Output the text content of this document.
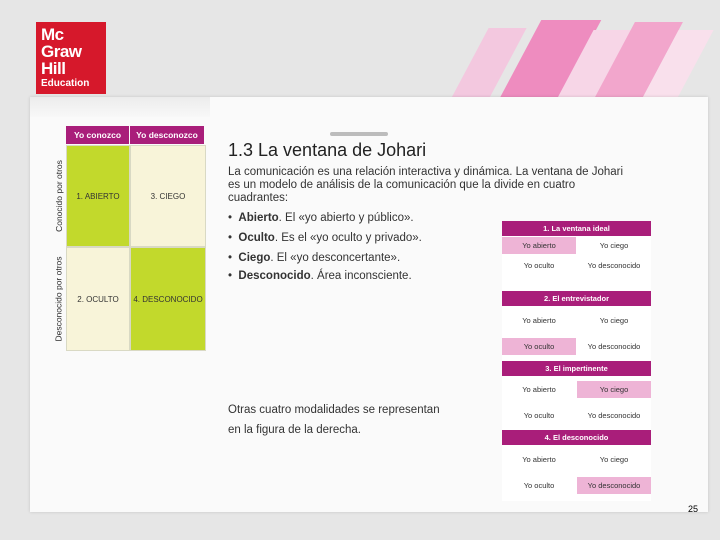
Mc
Graw
Hill
Education
Yo conozco	Yo desconozco
Conocido por otros
Desconocido por otros
1. ABIERTO	3. CIEGO
2. OCULTO 4. DESCONOCIDO
1.3 La ventana de Johari
La comunicación es una relación interactiva y dinámica. La ventana de Johari es un modelo de análisis de la comunicación que la divide en cuatro cuadrantes:
•  Abierto. El «yo abierto y público».
•  Oculto. Es el «yo oculto y privado».
•  Ciego. El «yo desconcertante».
•  Desconocido. Área inconsciente.
Otras cuatro modalidades se representan
en la figura de la derecha.
1. La ventana ideal
Yo abierto	Yo ciego
Yo oculto	Yo desconocido
2. El entrevistador
Yo abierto	Yo ciego
Yo oculto	Yo desconocido
3. El impertinente
Yo abierto	Yo ciego
Yo oculto	Yo desconocido
4. El desconocido
Yo abierto	Yo ciego
Yo oculto	Yo desconocido
25
